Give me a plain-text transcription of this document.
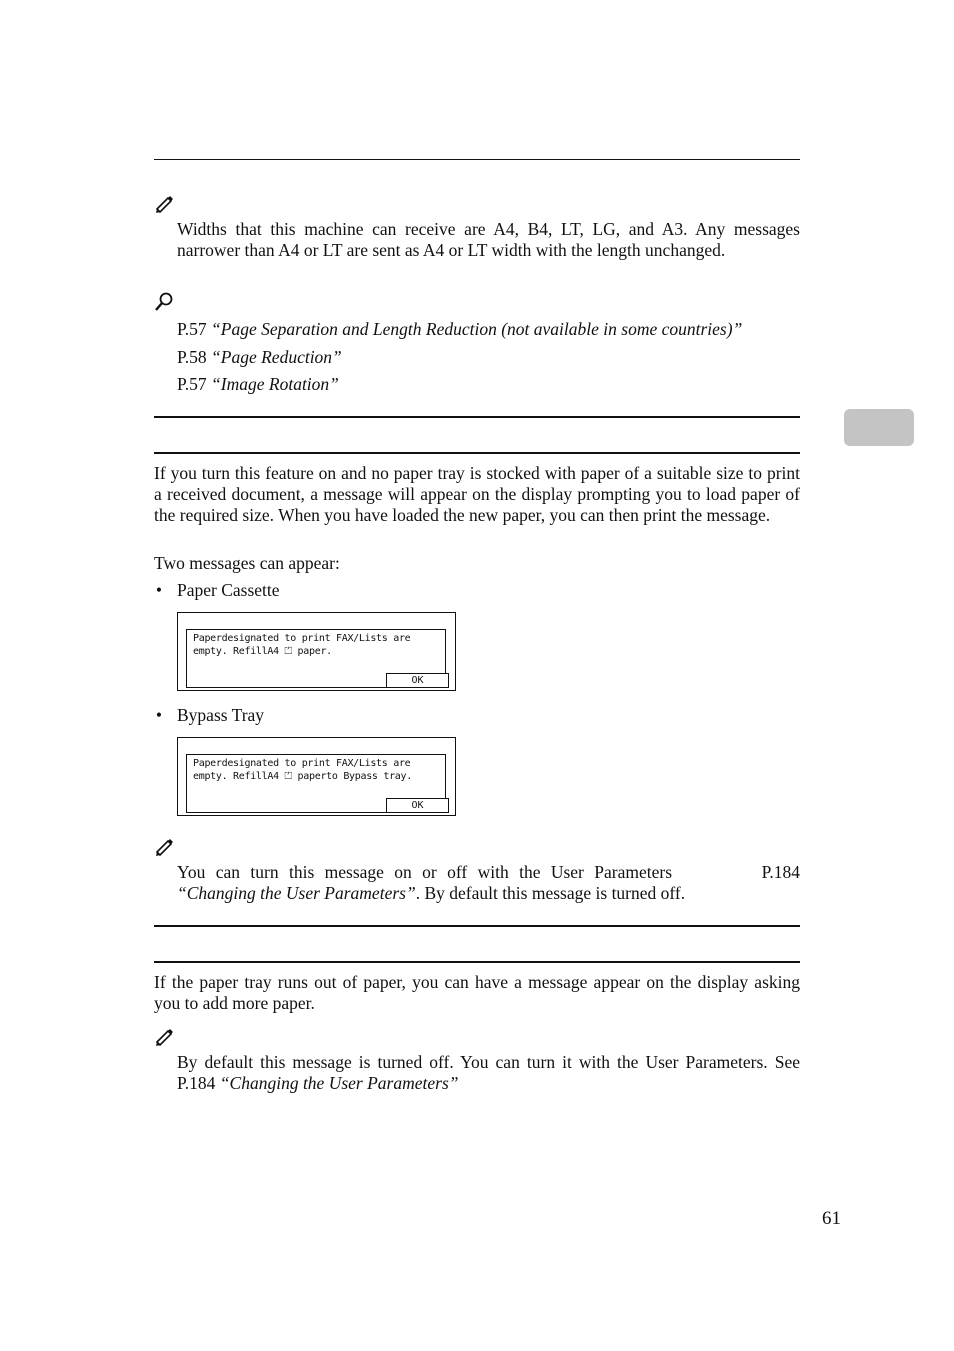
Widths that this machine can receive are A4, B4, LT, LG, and A3. Any messages narrower than A4 or LT are sent as A4 or LT width with the length unchanged.
P.57 “Page Separation and Length Reduction (not available in some countries)”
P.58 “Page Reduction”
P.57 “Image Rotation”
If you turn this feature on and no paper tray is stocked with paper of a suitable size to print a received document, a message will appear on the display prompting you to load paper of the required size. When you have loaded the new paper, you can then print the message.
Two messages can appear:
• Paper Cassette
Paperdesignated to print FAX/Lists are empty. RefillA4 ⏍ paper.
OK
• Bypass Tray
Paperdesignated to print FAX/Lists are empty. RefillA4 ⏍ paperto Bypass tray.
OK
You can turn this message on or off with the User Parameters	P.184
“Changing the User Parameters”. By default this message is turned off.
If the paper tray runs out of paper, you can have a message appear on the display asking you to add more paper.
By default this message is turned off. You can turn it with the User Parameters. See P.184 “Changing the User Parameters”
61
